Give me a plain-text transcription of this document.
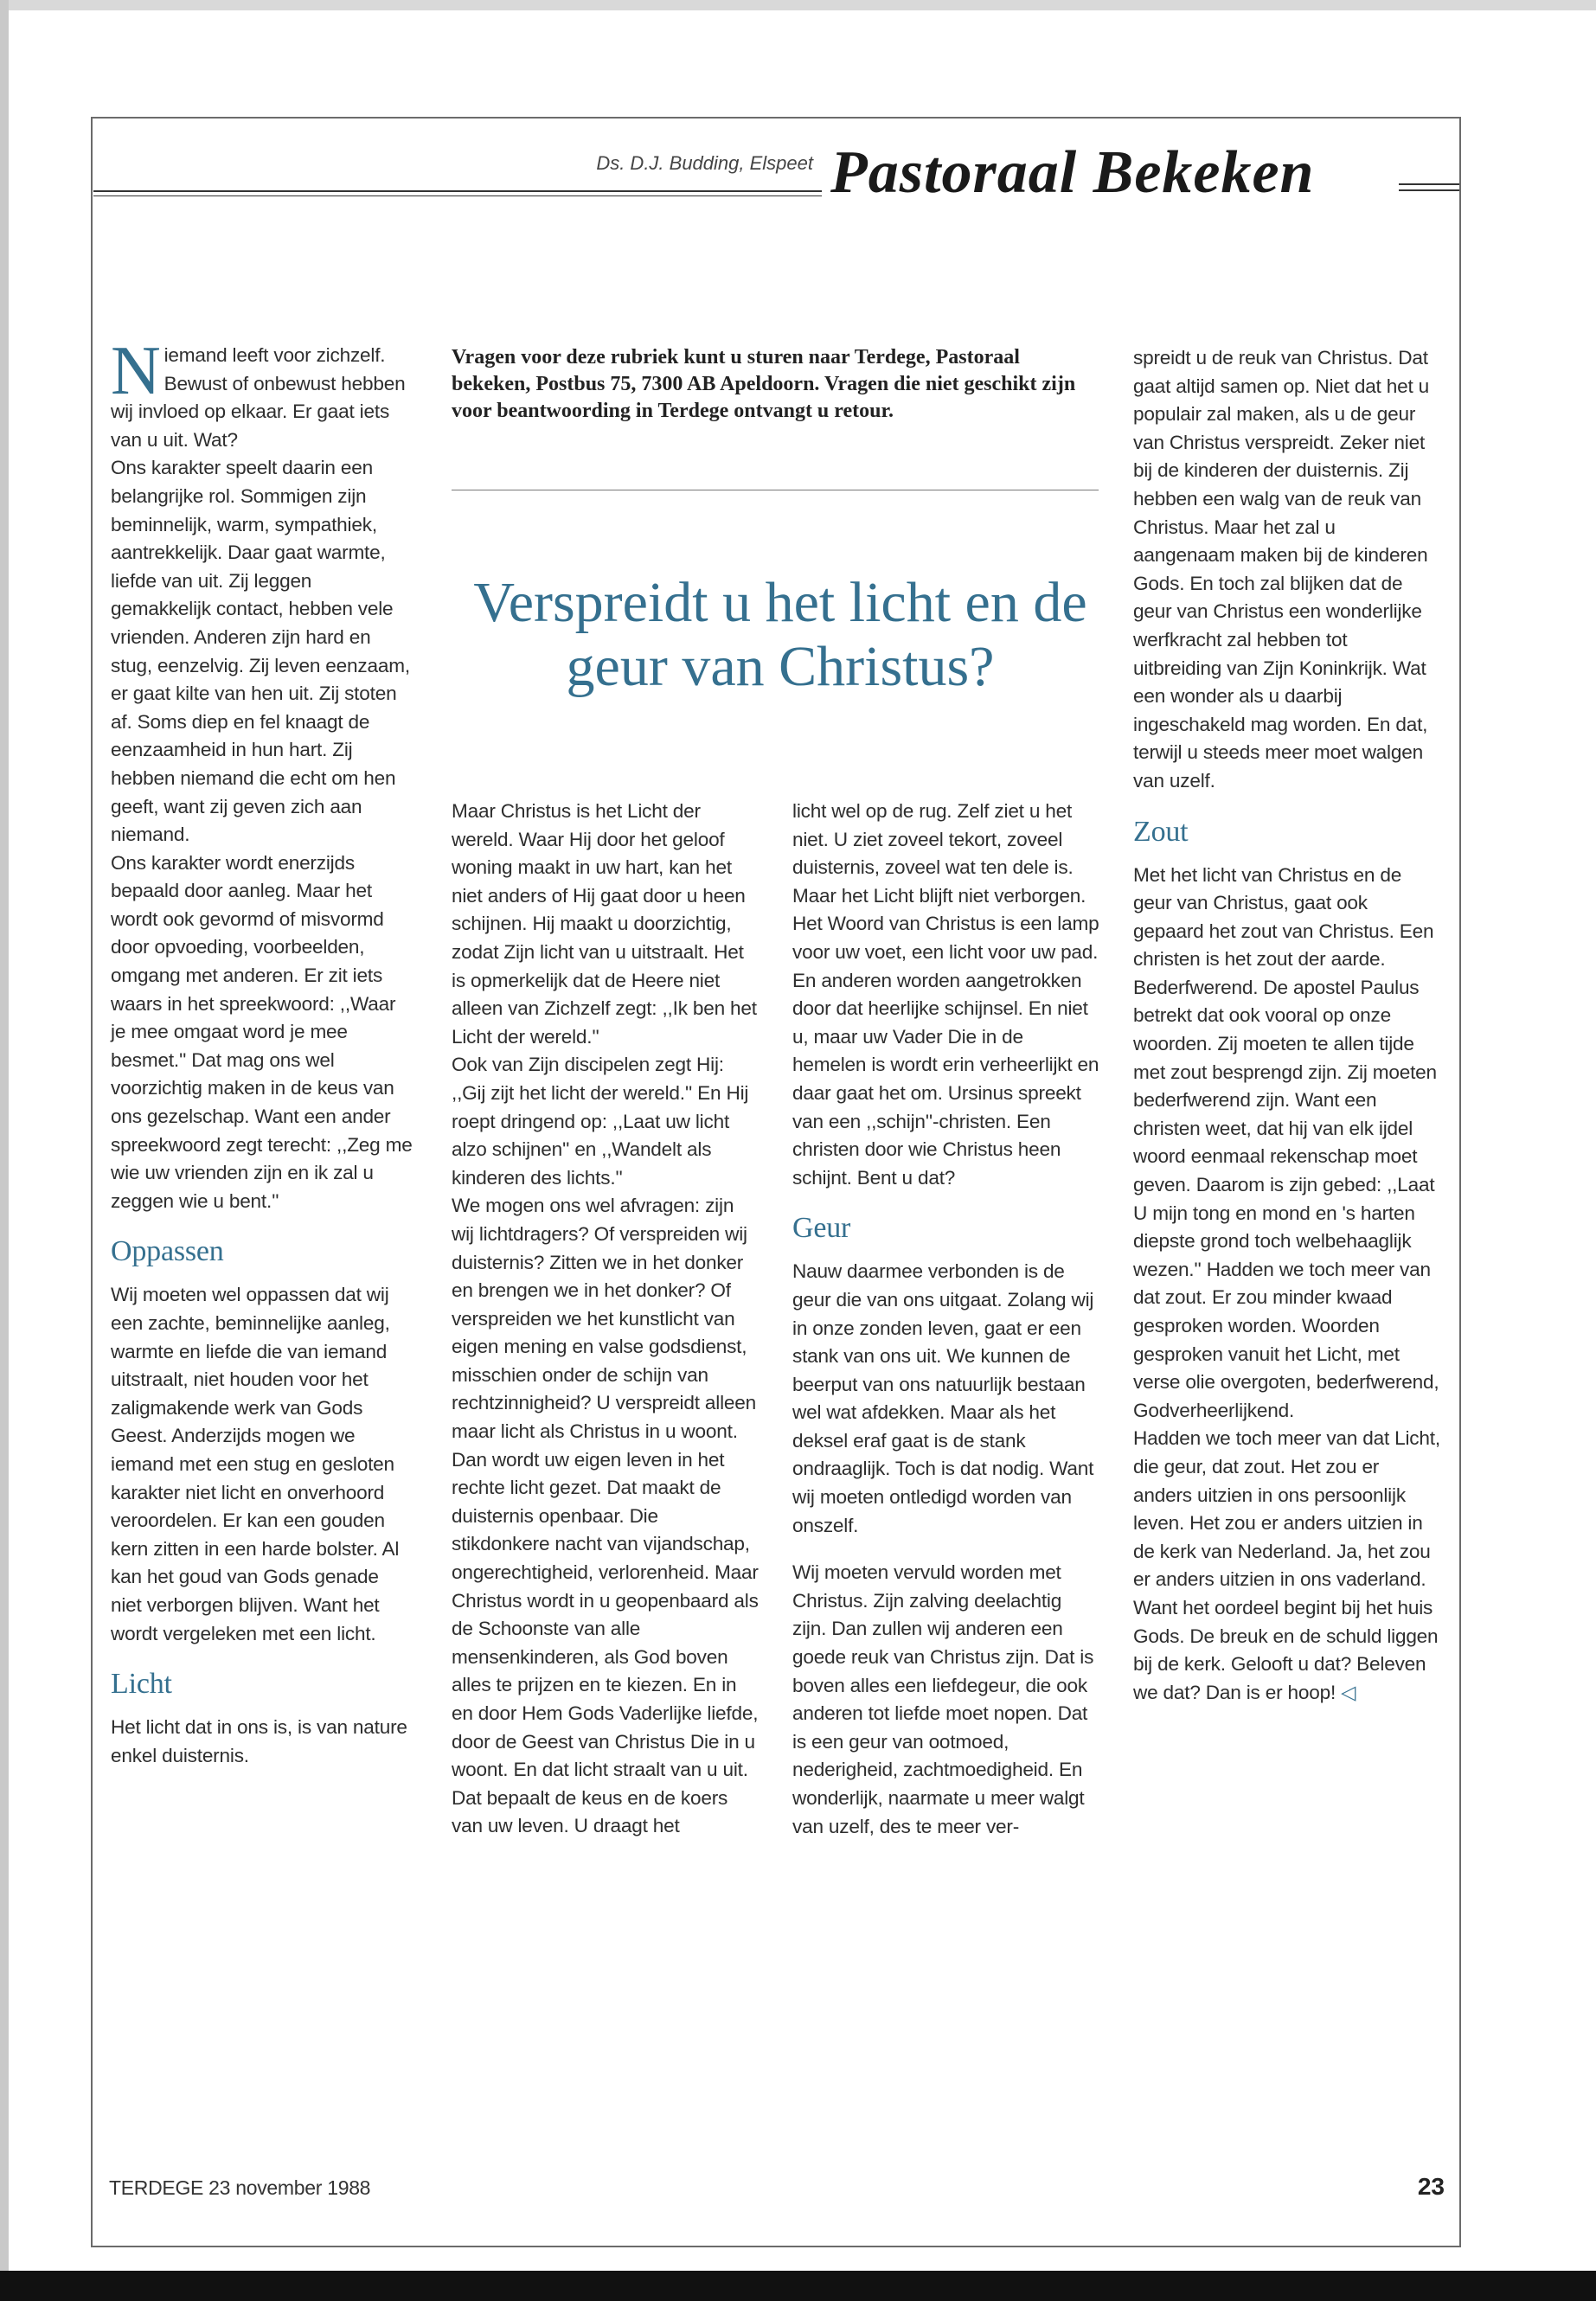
Ds. D.J. Budding, Elspeet Pastoraal Bekeken

Niemand leeft voor zichzelf. Bewust of onbewust hebben wij invloed op elkaar. Er gaat iets van u uit. Wat?

Ons karakter speelt daarin een belangrijke rol. Sommigen zijn beminnelijk, warm, sympathiek, aantrekkelijk. Daar gaat warmte, liefde van uit. Zij leggen gemakkelijk contact, hebben vele vrienden. Anderen zijn hard en stug, eenzelvig. Zij leven eenzaam, er gaat kilte van hen uit. Zij stoten af. Soms diep en fel knaagt de eenzaamheid in hun hart. Zij hebben niemand die echt om hen geeft, want zij geven zich aan niemand.

Ons karakter wordt enerzijds bepaald door aanleg. Maar het wordt ook gevormd of misvormd door opvoeding, voorbeelden, omgang met anderen. Er zit iets waars in het spreekwoord: ,,Waar je mee omgaat word je mee besmet.'' Dat mag ons wel voorzichtig maken in de keus van ons gezelschap. Want een ander spreekwoord zegt terecht: ,,Zeg me wie uw vrienden zijn en ik zal u zeggen wie u bent.''

Oppassen

Wij moeten wel oppassen dat wij een zachte, beminnelijke aanleg, warmte en liefde die van iemand uitstraalt, niet houden voor het zaligmakende werk van Gods Geest. Anderzijds mogen we iemand met een stug en gesloten karakter niet licht en onverhoord veroordelen. Er kan een gouden kern zitten in een harde bolster. Al kan het goud van Gods genade niet verborgen blijven. Want het wordt vergeleken met een licht.

Licht

Het licht dat in ons is, is van nature enkel duisternis.

Vragen voor deze rubriek kunt u sturen naar Terdege, Pastoraal bekeken, Postbus 75, 7300 AB Apeldoorn. Vragen die niet geschikt zijn voor beantwoording in Terdege ontvangt u retour.
Verspreidt u het licht en de geur van Christus?

Maar Christus is het Licht der wereld. Waar Hij door het geloof woning maakt in uw hart, kan het niet anders of Hij gaat door u heen schijnen. Hij maakt u doorzichtig, zodat Zijn licht van u uitstraalt. Het is opmerkelijk dat de Heere niet alleen van Zichzelf zegt: ,,Ik ben het Licht der wereld.''

Ook van Zijn discipelen zegt Hij: ,,Gij zijt het licht der wereld.'' En Hij roept dringend op: ,,Laat uw licht alzo schijnen'' en ,,Wandelt als kinderen des lichts.''

We mogen ons wel afvragen: zijn wij lichtdragers? Of verspreiden wij duisternis? Zitten we in het donker en brengen we in het donker? Of verspreiden we het kunstlicht van eigen mening en valse godsdienst, misschien onder de schijn van rechtzinnigheid? U verspreidt alleen maar licht als Christus in u woont. Dan wordt uw eigen leven in het rechte licht gezet. Dat maakt de duisternis openbaar. Die stikdonkere nacht van vijandschap, ongerechtigheid, verlorenheid. Maar Christus wordt in u geopenbaard als de Schoonste van alle mensenkinderen, als God boven alles te prijzen en te kiezen. En in en door Hem Gods Vaderlijke liefde, door de Geest van Christus Die in u woont. En dat licht straalt van u uit. Dat bepaalt de keus en de koers van uw leven. U draagt het

licht wel op de rug. Zelf ziet u het niet. U ziet zoveel tekort, zoveel duisternis, zoveel wat ten dele is. Maar het Licht blijft niet verborgen. Het Woord van Christus is een lamp voor uw voet, een licht voor uw pad. En anderen worden aangetrokken door dat heerlijke schijnsel. En niet u, maar uw Vader Die in de hemelen is wordt erin verheerlijkt en daar gaat het om. Ursinus spreekt van een ,,schijn''-christen. Een christen door wie Christus heen schijnt. Bent u dat?

Geur

Nauw daarmee verbonden is de geur die van ons uitgaat. Zolang wij in onze zonden leven, gaat er een stank van ons uit. We kunnen de beerput van ons natuurlijk bestaan wel wat afdekken. Maar als het deksel eraf gaat is de stank ondraaglijk. Toch is dat nodig. Want wij moeten ontledigd worden van onszelf.

Wij moeten vervuld worden met Christus. Zijn zalving deelachtig zijn. Dan zullen wij anderen een goede reuk van Christus zijn. Dat is boven alles een liefdegeur, die ook anderen tot liefde moet nopen. Dat is een geur van ootmoed, nederigheid, zachtmoedigheid. En wonderlijk, naarmate u meer walgt van uzelf, des te meer ver-

spreidt u de reuk van Christus. Dat gaat altijd samen op. Niet dat het u populair zal maken, als u de geur van Christus verspreidt. Zeker niet bij de kinderen der duisternis. Zij hebben een walg van de reuk van Christus. Maar het zal u aangenaam maken bij de kinderen Gods. En toch zal blijken dat de geur van Christus een wonderlijke werfkracht zal hebben tot uitbreiding van Zijn Koninkrijk. Wat een wonder als u daarbij ingeschakeld mag worden. En dat, terwijl u steeds meer moet walgen van uzelf.

Zout

Met het licht van Christus en de geur van Christus, gaat ook gepaard het zout van Christus. Een christen is het zout der aarde. Bederfwerend. De apostel Paulus betrekt dat ook vooral op onze woorden. Zij moeten te allen tijde met zout besprengd zijn. Zij moeten bederfwerend zijn. Want een christen weet, dat hij van elk ijdel woord eenmaal rekenschap moet geven. Daarom is zijn gebed: ,,Laat U mijn tong en mond en 's harten diepste grond toch welbehaaglijk wezen.'' Hadden we toch meer van dat zout. Er zou minder kwaad gesproken worden. Woorden gesproken vanuit het Licht, met verse olie overgoten, bederfwerend, Godverheerlijkend.

Hadden we toch meer van dat Licht, die geur, dat zout. Het zou er anders uitzien in ons persoonlijk leven. Het zou er anders uitzien in de kerk van Nederland. Ja, het zou er anders uitzien in ons vaderland. Want het oordeel begint bij het huis Gods. De breuk en de schuld liggen bij de kerk. Gelooft u dat? Beleven we dat? Dan is er hoop! ◁

TERDEGE 23 november 1988	23
